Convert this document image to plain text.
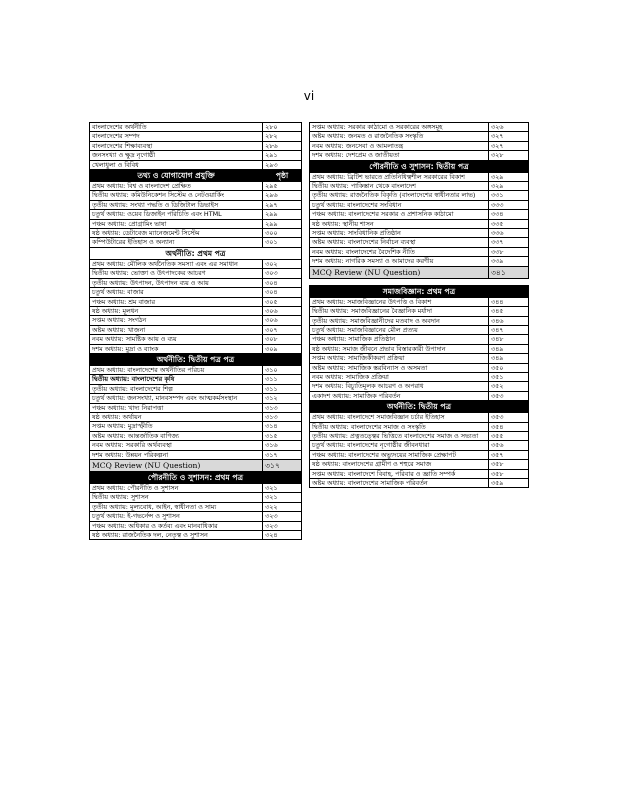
vi
বাংলাদেশের অর্থনীতি	২৮০
বাংলাদেশের সম্পদ	২৮২
বাংলাদেশের শিক্ষাব্যবস্থা	২৮৬
জনসংখ্যা ও ক্ষুদ্র নৃগোষ্ঠী	২৯১
খেলাধুলা ও বিবিধ	২৯৩
তথ্য ও যোগাযোগ প্রযুক্তি	পৃষ্ঠা
প্রথম অধ্যায়: বিশ্ব ও বাংলাদেশ প্রেক্ষিত	২৯৫
দ্বিতীয় অধ্যায়: কমিউনিকেশন সিস্টেম ও নেটওয়ার্কিং	২৯৬
তৃতীয় অধ্যায়: সংখ্যা পদ্ধতি ও ডিজিটাল ডিভাইস	২৯৭
চতুর্থ অধ্যায়: ওয়েব ডিজাইন পরিচিতি এবং HTML	২৯৯
পঞ্চম অধ্যায়: প্রোগ্রামিং ভাষা	২৯৯
ষষ্ঠ অধ্যায়: ডেটাবেজ ম্যানেজমেন্ট সিস্টেম	৩০০
কম্পিউটারের ইতিহাস ও অন্যান্য	৩০১
অর্থনীতি: প্রথম পত্র	
প্রথম অধ্যায়: মৌলিক অর্থনৈতিক সমস্যা এবং এর সমাধান	৩০২
দ্বিতীয় অধ্যায়: ভোক্তা ও উৎপাদকের আচরণ	৩০৩
তৃতীয় অধ্যায়: উৎপাদন, উৎপাদন ব্যয় ও আয়	৩০৪
চতুর্থ অধ্যায়: বাজার	৩০৪
পঞ্চম অধ্যায়: শ্রম বাজার	৩০৫
ষষ্ঠ অধ্যায়: মূলধন	৩০৬
সপ্তম অধ্যায়: সংগঠন	৩০৬
অষ্টম অধ্যায়: খাজনা	৩০৭
নবম অধ্যায়: সামষ্টিক আয় ও ব্যয়	৩০৮
দশম অধ্যায়: মুদ্রা ও ব্যাংক	৩০৯
অর্থনীতি: দ্বিতীয় পত্র পত্র	
প্রথম অধ্যায়: বাংলাদেশের অর্থনীতির পরিচয়	৩১০
দ্বিতীয় অধ্যায়: বাংলাদেশের কৃষি	৩১১
তৃতীয় অধ্যায়: বাংলাদেশের শিল্প	৩১১
চতুর্থ অধ্যায়: জনসংখ্যা, মানবসম্পদ এবং আত্মকর্মসংস্থান	৩১২
পঞ্চম অধ্যায়: খাদ্য নিরাপত্তা	৩১৩
ষষ্ঠ অধ্যায়: অর্থায়ন	৩১৩
সপ্তম অধ্যায়: মুদ্রাস্ফীতি	৩১৪
অষ্টম অধ্যায়: আন্তর্জাতিক বাণিজ্য	৩১৫
নবম অধ্যায়: সরকারি অর্থব্যবস্থা	৩১৬
দশম অধ্যায়: উন্নয়ন পরিকল্পনা	৩১৭
MCQ Review (NU Question)	৩১৭
পৌরনীতি ও সুশাসন: প্রথম পত্র	
প্রথম অধ্যায়: পৌরনীতি ও সুশাসন	৩২১
দ্বিতীয় অধ্যায়: সুশাসন	৩২১
তৃতীয় অধ্যায়: মূল্যবোধ, আইন, স্বাধীনতা ও সাম্য	৩২২
চতুর্থ অধ্যায়: ই-গভর্নেন্স ও সুশাসন	৩২৩
পঞ্চম অধ্যায়: অধিকার ও কর্তব্য এবং মানবাধিকার	৩২৩
ষষ্ঠ অধ্যায়: রাজনৈতিক দল, নেতৃত্ব ও সুশাসন	৩২৪
সপ্তম অধ্যায়: সরকার কাঠামো ও সরকারের অঙ্গসমূহ	৩২৬
অষ্টম অধ্যায়: জনমত ও রাজনৈতিক সংস্কৃতি	৩২৭
নবম অধ্যায়: জনসেবা ও আমলাতন্ত্র	৩২৭
দশম অধ্যায়: দেশপ্রেম ও জাতীয়তা	৩২৮
পৌরনীতি ও সুশাসন: দ্বিতীয় পত্র	
প্রথম অধ্যায়: ব্রিটিশ ভারতে প্রতিনিধিত্বশীল সরকারের বিকাশ	৩২৯
দ্বিতীয় অধ্যায়: পাকিস্তান থেকে বাংলাদেশ	৩২৯
তৃতীয় অধ্যায়: রাজনৈতিক বিকৃতি (বাংলাদেশের স্বাধীনতার লাভ)	৩৩১
চতুর্থ অধ্যায়: বাংলাদেশের সংবিধান	৩৩৩
পঞ্চম অধ্যায়: বাংলাদেশের সরকার ও প্রশাসনিক কাঠামো	৩৩৪
ষষ্ঠ অধ্যায়: স্থানীয় শাসন	৩৩৫
সপ্তম অধ্যায়: সাংবিধানিক প্রতিষ্ঠান	৩৩৬
অষ্টম অধ্যায়: বাংলাদেশের নির্বাচন ব্যবস্থা	৩৩৭
নবম অধ্যায়: বাংলাদেশের বৈদেশিক নীতি	৩৩৮
দশম অধ্যায়: নাগরিক সমস্যা ও আমাদের করণীয়	৩৩৯
MCQ Review (NU Question)	৩৪১

সমাজবিজ্ঞান: প্রথম পত্র	
প্রথম অধ্যায়: সমাজবিজ্ঞানের উৎপত্তি ও বিকাশ	৩৪৪
দ্বিতীয় অধ্যায়: সমাজবিজ্ঞানের বৈজ্ঞানিক মর্যাদা	৩৪৫
তৃতীয় অধ্যায়: সমাজবিজ্ঞানীদের মতবাদ ও অবদান	৩৪৬
চতুর্থ অধ্যায়: সমাজবিজ্ঞানের মৌল প্রত্যয়	৩৪৭
পঞ্চম অধ্যায়: সামাজিক প্রতিষ্ঠান	৩৪৮
ষষ্ঠ অধ্যায়: সমাজ জীবনে প্রভাব বিস্তারকারী উপাদান	৩৪৯
সপ্তম অধ্যায়: সামাজিকীকরণ প্রক্রিয়া	৩৪৯
অষ্টম অধ্যায়: সামাজিক স্তরবিন্যাস ও অসমতা	৩৫০
নবম অধ্যায়: সামাজিক প্রক্রিয়া	৩৫১
দশম অধ্যায়: বিচ্যুতিমূলক আচরণ ও অপরাধ	৩৫২
একাদশ অধ্যায়: সামাজিক পরিবর্তন	৩৫৩
অর্থনীতি: দ্বিতীয় পত্র	
প্রথম অধ্যায়: বাংলাদেশে সমাজবিজ্ঞান চর্চার ইতিহাস	৩৫৩
দ্বিতীয় অধ্যায়: বাংলাদেশের সমাজ ও সংস্কৃতি	৩৫৪
তৃতীয় অধ্যায়: প্রত্নতত্ত্বের ভিত্তিতে বাংলাদেশের সমাজ ও সভ্যতা	৩৫৫
চতুর্থ অধ্যায়: বাংলাদেশের নৃগোষ্ঠীর জীবনধারা	৩৫৬
পঞ্চম অধ্যায়: বাংলাদেশের অভ্যুদয়ের সামাজিক প্রেক্ষাপট	৩৫৭
ষষ্ঠ অধ্যায়: বাংলাদেশের গ্রামীণ ও শহুরে সমাজ	৩৫৮
সপ্তম অধ্যায়: বাংলাদেশে বিবাহ, পরিবার ও জ্ঞাতি সম্পর্ক	৩৫৮
অষ্টম অধ্যায়: বাংলাদেশের সামাজিক পরিবর্তন	৩৫৯
